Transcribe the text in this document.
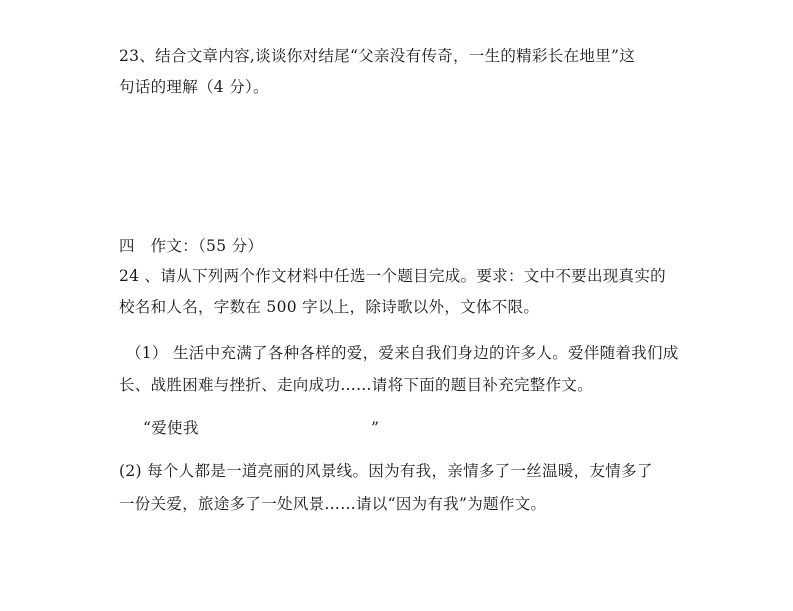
23、结合文章内容,谈谈你对结尾“父亲没有传奇，一生的精彩长在地里”这
句话的理解（4 分）。
四　作文：（55 分）
24 、请从下列两个作文材料中任选一个题目完成。要求：文中不要出现真实的
校名和人名，字数在 500 字以上，除诗歌以外，文体不限。
（1） 生活中充满了各种各样的爱，爱来自我们身边的许多人。爱伴随着我们成
长、战胜困难与挫折、走向成功……请将下面的题目补充完整作文。
“爱使我	”
(2) 每个人都是一道亮丽的风景线。因为有我，亲情多了一丝温暖，友情多了
一份关爱，旅途多了一处风景……请以“因为有我”为题作文。
